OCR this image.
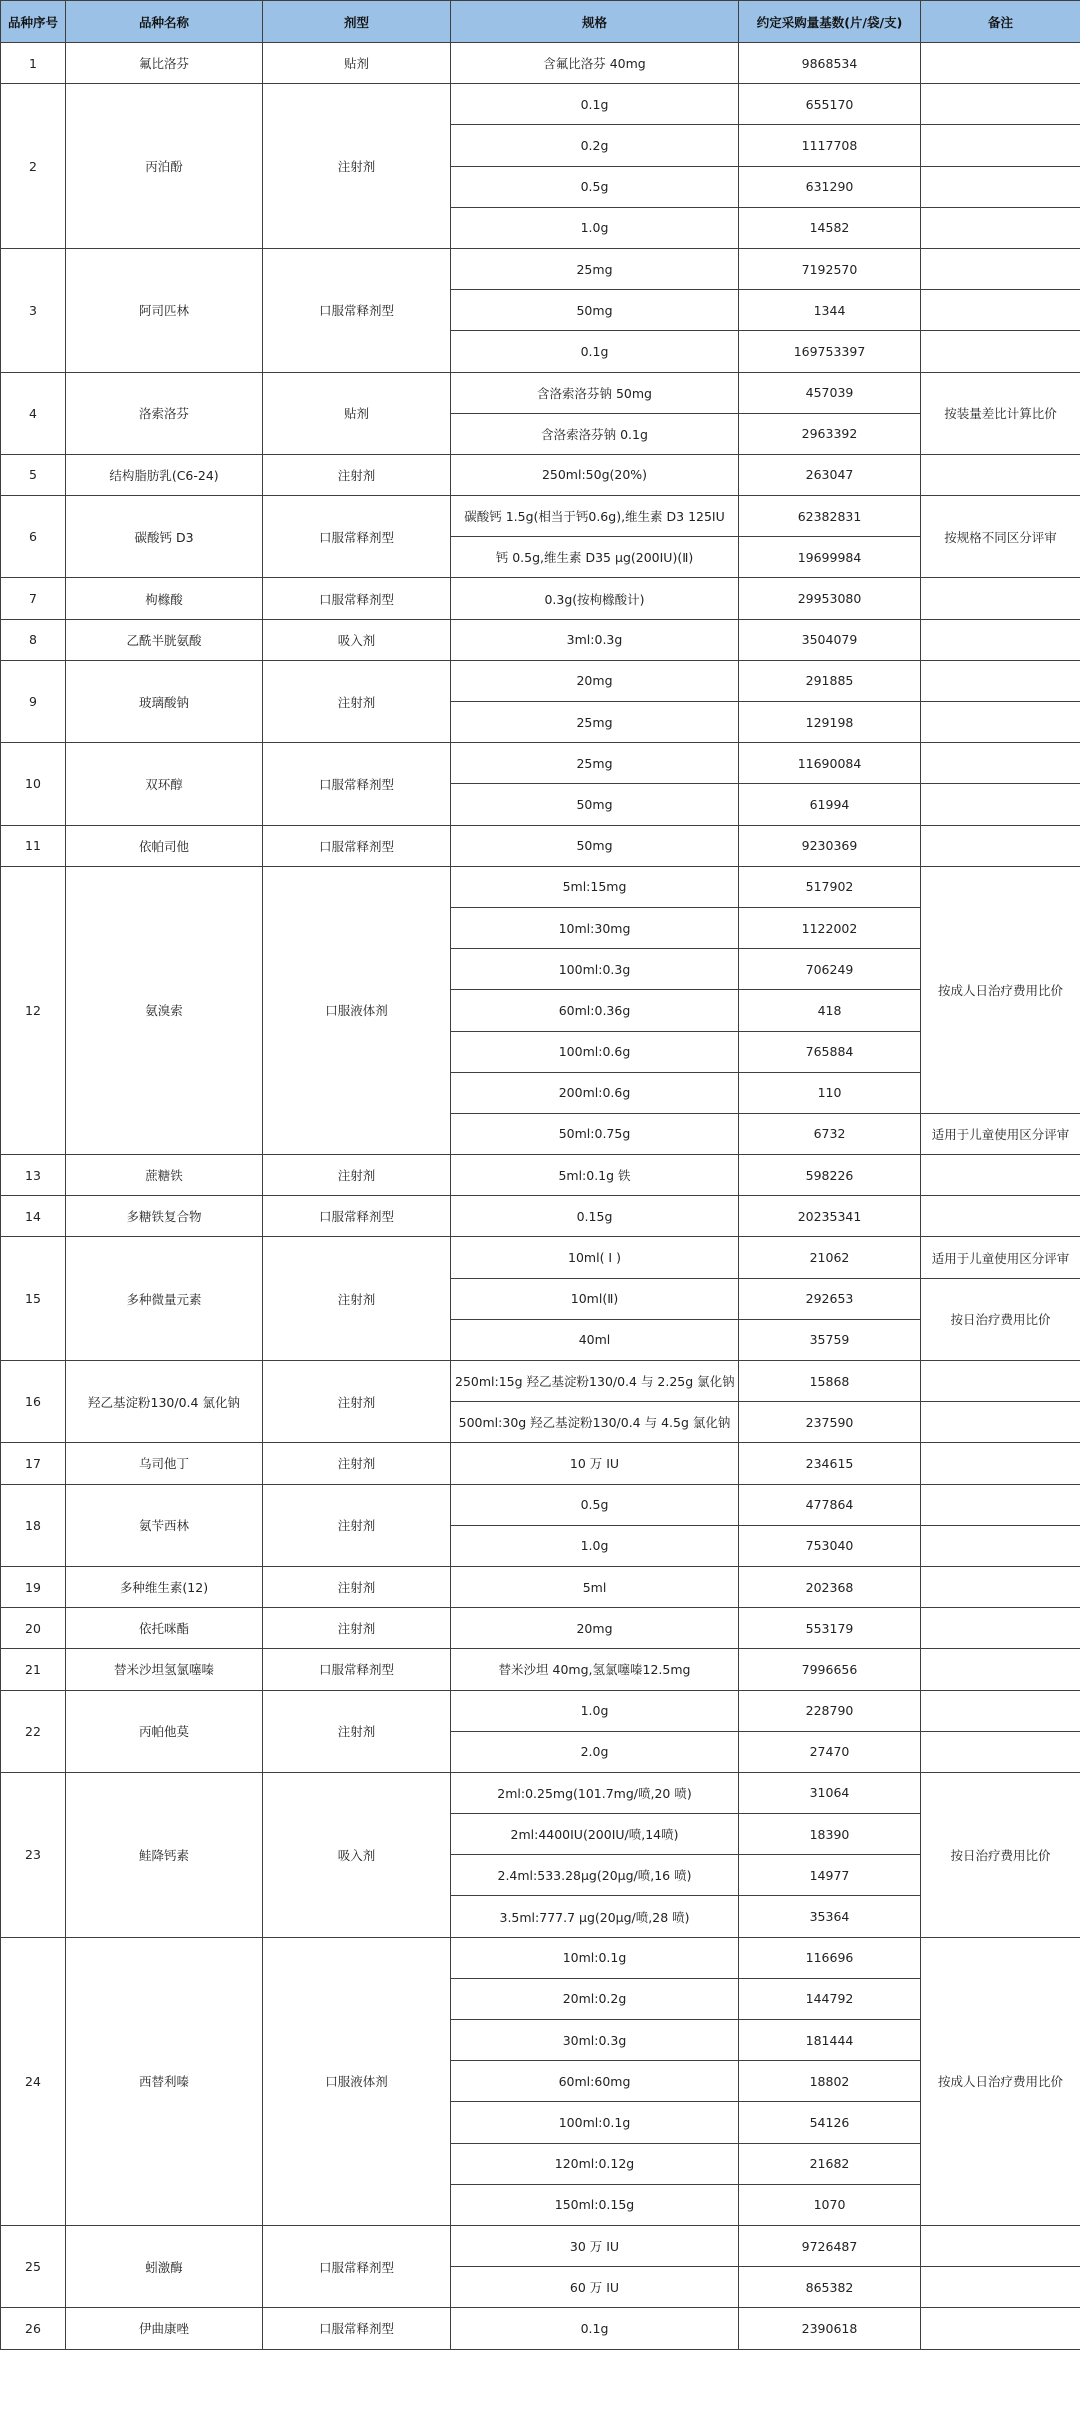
品种序号	品种名称	剂型	规格	约定采购量基数(片/袋/支)	备注
1	氟比洛芬	贴剂	含氟比洛芬 40mg	9868534	
2	丙泊酚	注射剂	0.1g	655170	
			0.2g	1117708	
			0.5g	631290	
			1.0g	14582	
3	阿司匹林	口服常释剂型	25mg	7192570	
			50mg	1344	
			0.1g	169753397	
4	洛索洛芬	贴剂	含洛索洛芬钠 50mg	457039	按装量差比计算比价
			含洛索洛芬钠 0.1g	2963392	
5	结构脂肪乳(C6-24)	注射剂	250ml:50g(20%)	263047	
6	碳酸钙 D3	口服常释剂型	碳酸钙 1.5g(相当于钙0.6g),维生素 D3 125IU	62382831	按规格不同区分评审
			钙 0.5g,维生素 D35 μg(200IU)(Ⅱ)	19699984	
7	枸橼酸	口服常释剂型	0.3g(按枸橼酸计)	29953080	
8	乙酰半胱氨酸	吸入剂	3ml:0.3g	3504079	
9	玻璃酸钠	注射剂	20mg	291885	
			25mg	129198	
10	双环醇	口服常释剂型	25mg	11690084	
			50mg	61994	
11	依帕司他	口服常释剂型	50mg	9230369	
12	氨溴索	口服液体剂	5ml:15mg	517902	按成人日治疗费用比价
			10ml:30mg	1122002	
			100ml:0.3g	706249	
			60ml:0.36g	418	
			100ml:0.6g	765884	
			200ml:0.6g	110	
			50ml:0.75g	6732	适用于儿童使用区分评审
13	蔗糖铁	注射剂	5ml:0.1g 铁	598226	
14	多糖铁复合物	口服常释剂型	0.15g	20235341	
15	多种微量元素	注射剂	10ml( Ⅰ )	21062	适用于儿童使用区分评审
			10ml(Ⅱ)	292653	按日治疗费用比价
			40ml	35759	
16	羟乙基淀粉130/0.4 氯化钠	注射剂	250ml:15g 羟乙基淀粉130/0.4 与 2.25g 氯化钠	15868	
			500ml:30g 羟乙基淀粉130/0.4 与 4.5g 氯化钠	237590	
17	乌司他丁	注射剂	10 万 IU	234615	
18	氨苄西林	注射剂	0.5g	477864	
			1.0g	753040	
19	多种维生素(12)	注射剂	5ml	202368	
20	依托咪酯	注射剂	20mg	553179	
21	替米沙坦氢氯噻嗪	口服常释剂型	替米沙坦 40mg,氢氯噻嗪12.5mg	7996656	
22	丙帕他莫	注射剂	1.0g	228790	
			2.0g	27470	
23	鲑降钙素	吸入剂	2ml:0.25mg(101.7mg/喷,20 喷)	31064	按日治疗费用比价
			2ml:4400IU(200IU/喷,14喷)	18390	
			2.4ml:533.28μg(20μg/喷,16 喷)	14977	
			3.5ml:777.7 μg(20μg/喷,28 喷)	35364	
24	西替利嗪	口服液体剂	10ml:0.1g	116696	按成人日治疗费用比价
			20ml:0.2g	144792	
			30ml:0.3g	181444	
			60ml:60mg	18802	
			100ml:0.1g	54126	
			120ml:0.12g	21682	
			150ml:0.15g	1070	
25	蚓激酶	口服常释剂型	30 万 IU	9726487	
			60 万 IU	865382	
26	伊曲康唑	口服常释剂型	0.1g	2390618	
